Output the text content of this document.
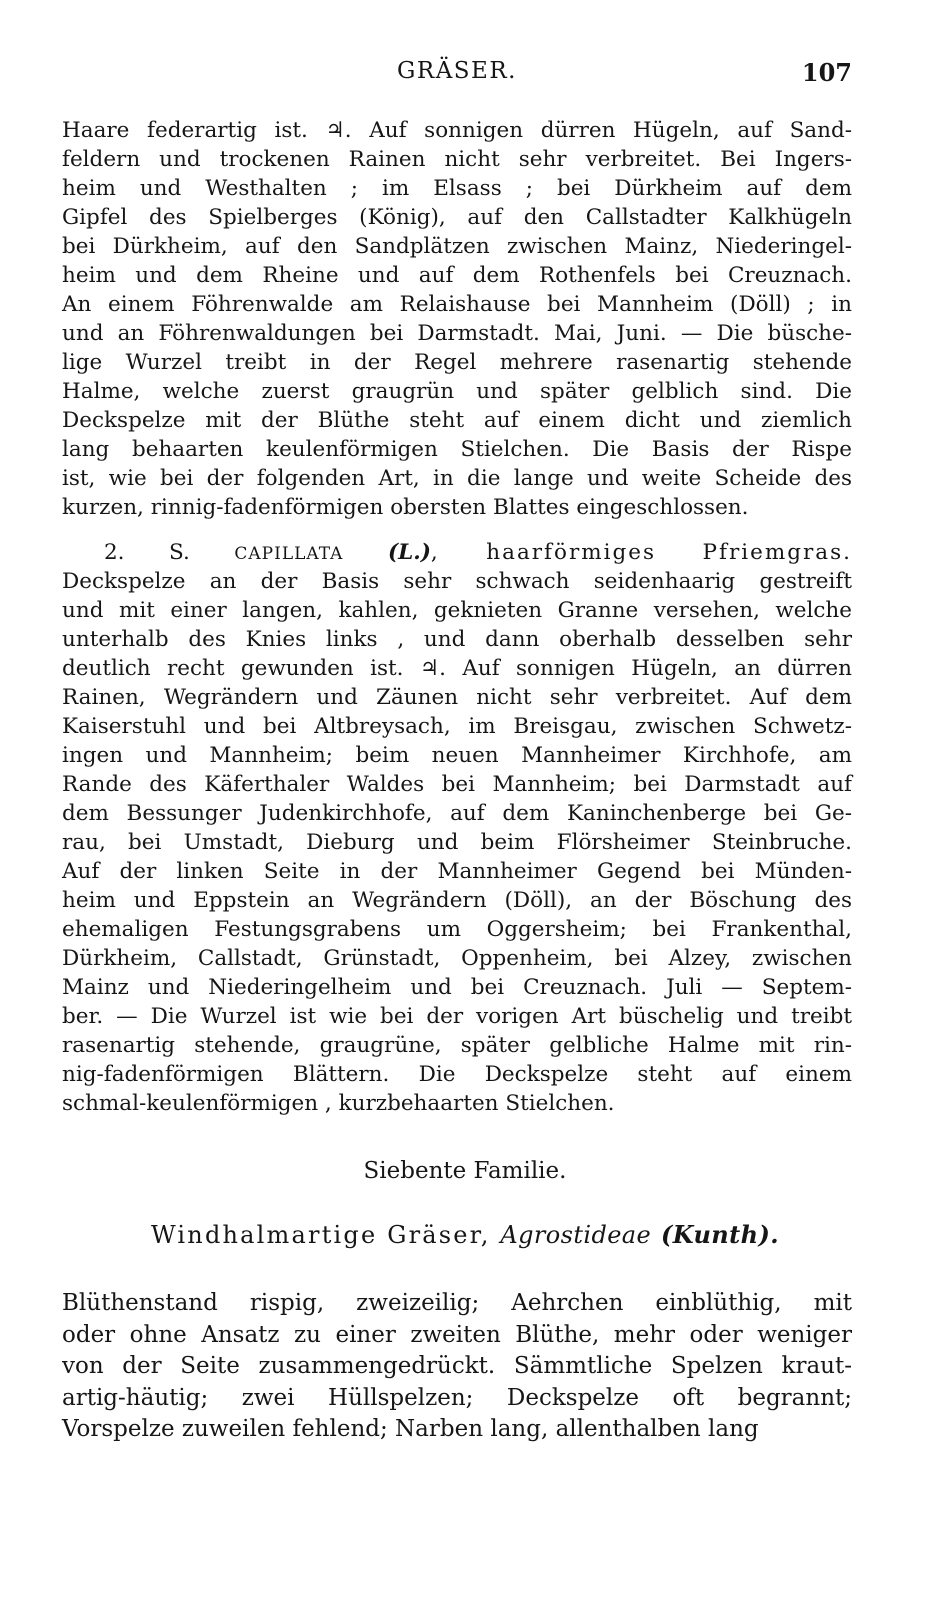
GRÄSER.	107
Haare federartig ist. ♃. Auf sonnigen dürren Hügeln, auf Sand-
feldern und trockenen Rainen nicht sehr verbreitet. Bei Ingers-
heim und Westhalten ; im Elsass ; bei Dürkheim auf dem
Gipfel des Spielberges (König), auf den Callstadter Kalkhügeln
bei Dürkheim, auf den Sandplätzen zwischen Mainz, Niederingel-
heim und dem Rheine und auf dem Rothenfels bei Creuznach.
An einem Föhrenwalde am Relaishause bei Mannheim (Döll) ; in
und an Föhrenwaldungen bei Darmstadt. Mai, Juni. — Die büsche-
lige Wurzel treibt in der Regel mehrere rasenartig stehende
Halme, welche zuerst graugrün und später gelblich sind. Die
Deckspelze mit der Blüthe steht auf einem dicht und ziemlich
lang behaarten keulenförmigen Stielchen. Die Basis der Rispe
ist, wie bei der folgenden Art, in die lange und weite Scheide des
kurzen, rinnig-fadenförmigen obersten Blattes eingeschlossen.
2. S.	CAPILLATA (L.), haarförmiges Pfriemgras.
Deckspelze an der Basis sehr schwach seidenhaarig gestreift
und mit einer langen, kahlen, geknieten Granne versehen, welche
unterhalb des Knies links , und dann oberhalb desselben sehr
deutlich recht gewunden ist. ♃. Auf sonnigen Hügeln, an dürren
Rainen, Wegrändern und Zäunen nicht sehr verbreitet. Auf dem
Kaiserstuhl und bei Altbreysach, im Breisgau, zwischen Schwetz-
ingen und Mannheim; beim neuen Mannheimer Kirchhofe, am
Rande des Käferthaler Waldes bei Mannheim; bei Darmstadt auf
dem Bessunger Judenkirchhofe, auf dem Kaninchenberge bei Ge-
rau, bei Umstadt, Dieburg und beim Flörsheimer Steinbruche.
Auf der linken Seite in der Mannheimer Gegend bei Münden-
heim und Eppstein an Wegrändern (Döll), an der Böschung des
ehemaligen Festungsgrabens um Oggersheim; bei Frankenthal,
Dürkheim, Callstadt, Grünstadt, Oppenheim, bei Alzey, zwischen
Mainz und Niederingelheim und bei Creuznach. Juli — Septem-
ber. — Die Wurzel ist wie bei der vorigen Art büschelig und treibt
rasenartig stehende, graugrüne, später gelbliche Halme mit rin-
nig-fadenförmigen Blättern. Die Deckspelze steht auf einem
schmal-keulenförmigen , kurzbehaarten Stielchen.
Siebente Familie.
Windhalmartige Gräser, Agrostideae (Kunth).
Blüthenstand rispig, zweizeilig; Aehrchen einblüthig, mit
oder ohne Ansatz zu einer zweiten Blüthe, mehr oder weniger
von der Seite zusammengedrückt. Sämmtliche Spelzen kraut-
artig-häutig; zwei Hüllspelzen; Deckspelze oft begrannt;
Vorspelze zuweilen fehlend; Narben lang, allenthalben lang
